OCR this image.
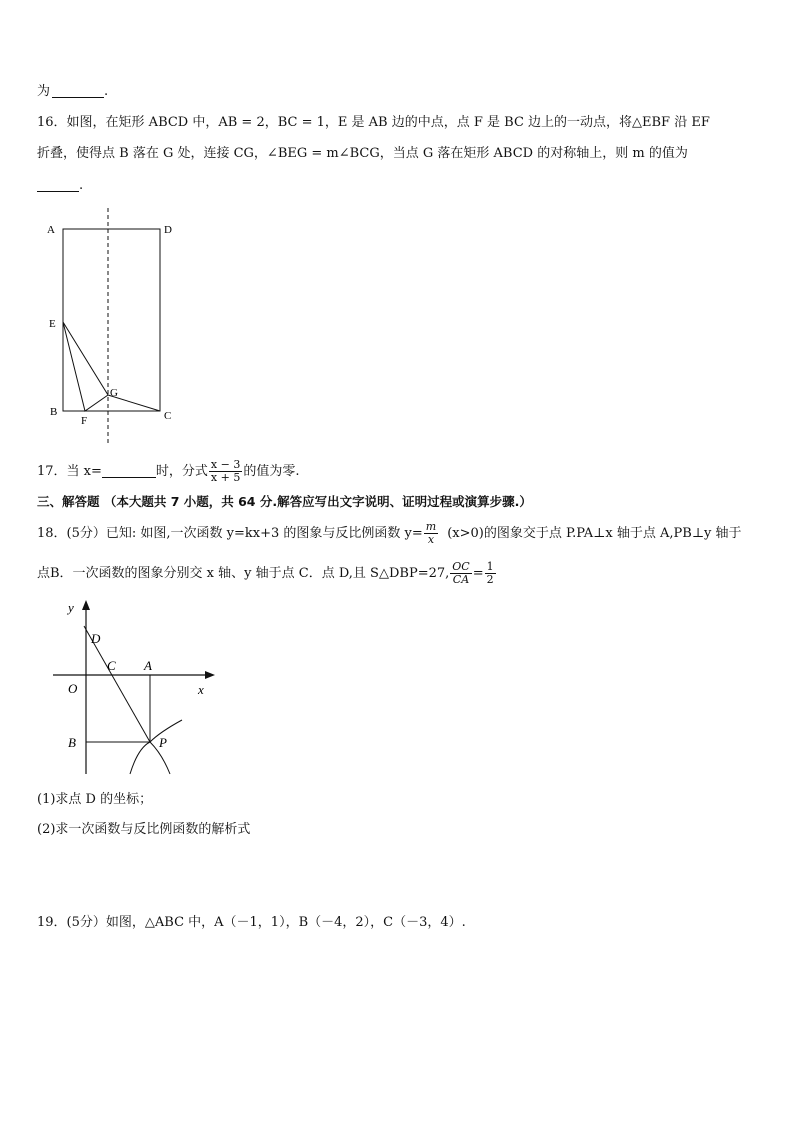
为	.
16．如图，在矩形 ABCD 中，AB = 2，BC = 1，E 是 AB 边的中点，点 F 是 BC 边上的一动点，将△EBF 沿 EF
折叠，使得点 B 落在 G 处，连接 CG，∠BEG = m∠BCG，当点 G 落在矩形 ABCD 的对称轴上，则 m 的值为
.
A	D
E
G
B
F	C
17．当 x=	时，分式 $\frac{x - 3}{x + 5}$ 的值为零.
三、解答题 （本大题共 7 小题，共 64 分.解答应写出文字说明、证明过程或演算步骤.）
18．(5分）已知: 如图,一次函数 y=kx+3 的图象与反比例函数 $y= \frac{m}{x} (x>0)$的图象交于点 P.PA⊥x 轴于点 A,PB⊥y 轴于
点B．一次函数的图象分别交 x 轴、y 轴于点 C．点 D,且 S△DBP=27, $\frac{OC}{CA} = \frac{1}{2}$
y
x
D
C A
O
B	P
(1)求点 D 的坐标；
(2)求一次函数与反比例函数的解析式
19．(5分）如图，△ABC 中，A（－1，1），B（－4，2），C（－3，4）.
